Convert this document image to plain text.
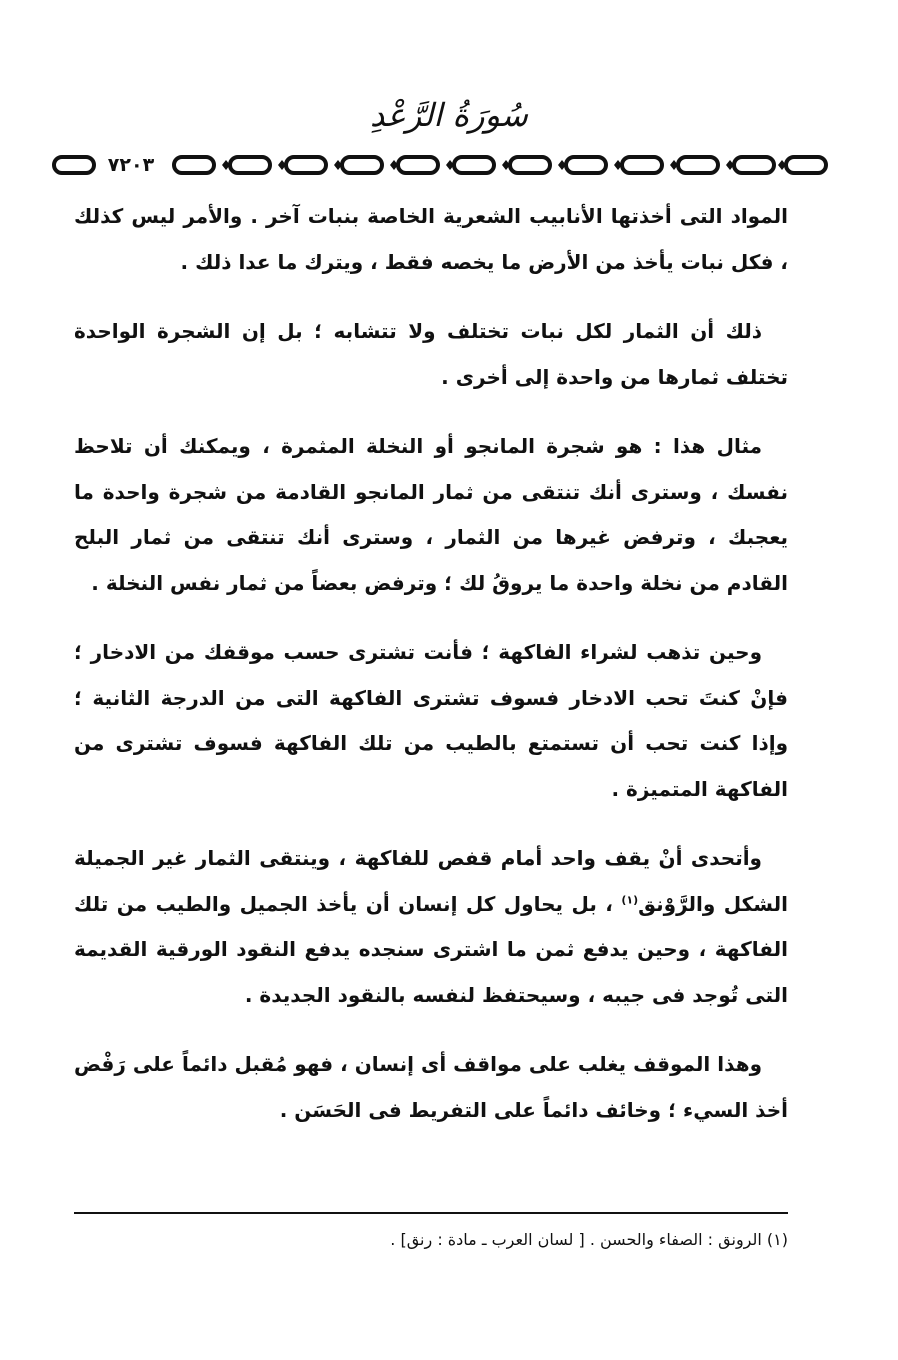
سُورَةُ الرَّعْدِ
٧٢٠٣

المواد التى أخذتها الأنابيب الشعرية الخاصة بنبات آخر . والأمر ليس كذلك ، فكل نبات يأخذ من الأرض ما يخصه فقط ، ويترك ما عدا ذلك .

ذلك أن الثمار لكل نبات تختلف ولا تتشابه ؛ بل إن الشجرة الواحدة تختلف ثمارها من واحدة إلى أخرى .

مثال هذا : هو شجرة المانجو أو النخلة المثمرة ، ويمكنك أن تلاحظ نفسك ، وسترى أنك تنتقى من ثمار المانجو القادمة من شجرة واحدة ما يعجبك ، وترفض غيرها من الثمار ، وسترى أنك تنتقى من ثمار البلح القادم من نخلة واحدة ما يروقُ لك ؛ وترفض بعضاً من ثمار نفس النخلة .

وحين تذهب لشراء الفاكهة ؛ فأنت تشترى حسب موقفك من الادخار ؛ فإنْ كنتَ تحب الادخار فسوف تشترى الفاكهة التى من الدرجة الثانية ؛ وإذا كنت تحب أن تستمتع بالطيب من تلك الفاكهة فسوف تشترى من الفاكهة المتميزة .

وأتحدى أنْ يقف واحد أمام قفص للفاكهة ، وينتقى الثمار غير الجميلة الشكل والرَّوْنق$^{(١)}$ ، بل يحاول كل إنسان أن يأخذ الجميل والطيب من تلك الفاكهة ، وحين يدفع ثمن ما اشترى سنجده يدفع النقود الورقية القديمة التى تُوجد فى جيبه ، وسيحتفظ لنفسه بالنقود الجديدة .

وهذا الموقف يغلب على مواقف أى إنسان ، فهو مُقبل دائماً على رَفْض أخذ السيء ؛ وخائف دائماً على التفريط فى الحَسَن .

(١) الرونق : الصفاء والحسن . [ لسان العرب ـ مادة : رنق] .
